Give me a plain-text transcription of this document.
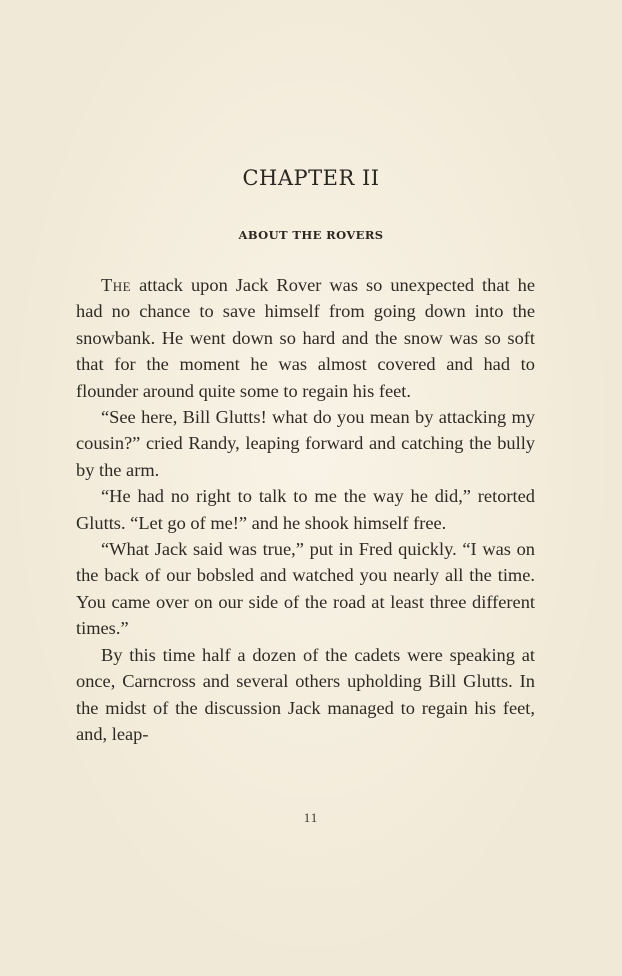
CHAPTER II
ABOUT THE ROVERS

The attack upon Jack Rover was so unexpected that he had no chance to save himself from going down into the snowbank. He went down so hard and the snow was so soft that for the moment he was almost covered and had to flounder around quite some to regain his feet.

“See here, Bill Glutts! what do you mean by attacking my cousin?” cried Randy, leaping forward and catching the bully by the arm.

“He had no right to talk to me the way he did,” retorted Glutts. “Let go of me!” and he shook himself free.

“What Jack said was true,” put in Fred quickly. “I was on the back of our bobsled and watched you nearly all the time. You came over on our side of the road at least three different times.”

By this time half a dozen of the cadets were speaking at once, Carncross and several others upholding Bill Glutts. In the midst of the discussion Jack managed to regain his feet, and, leap-

11
